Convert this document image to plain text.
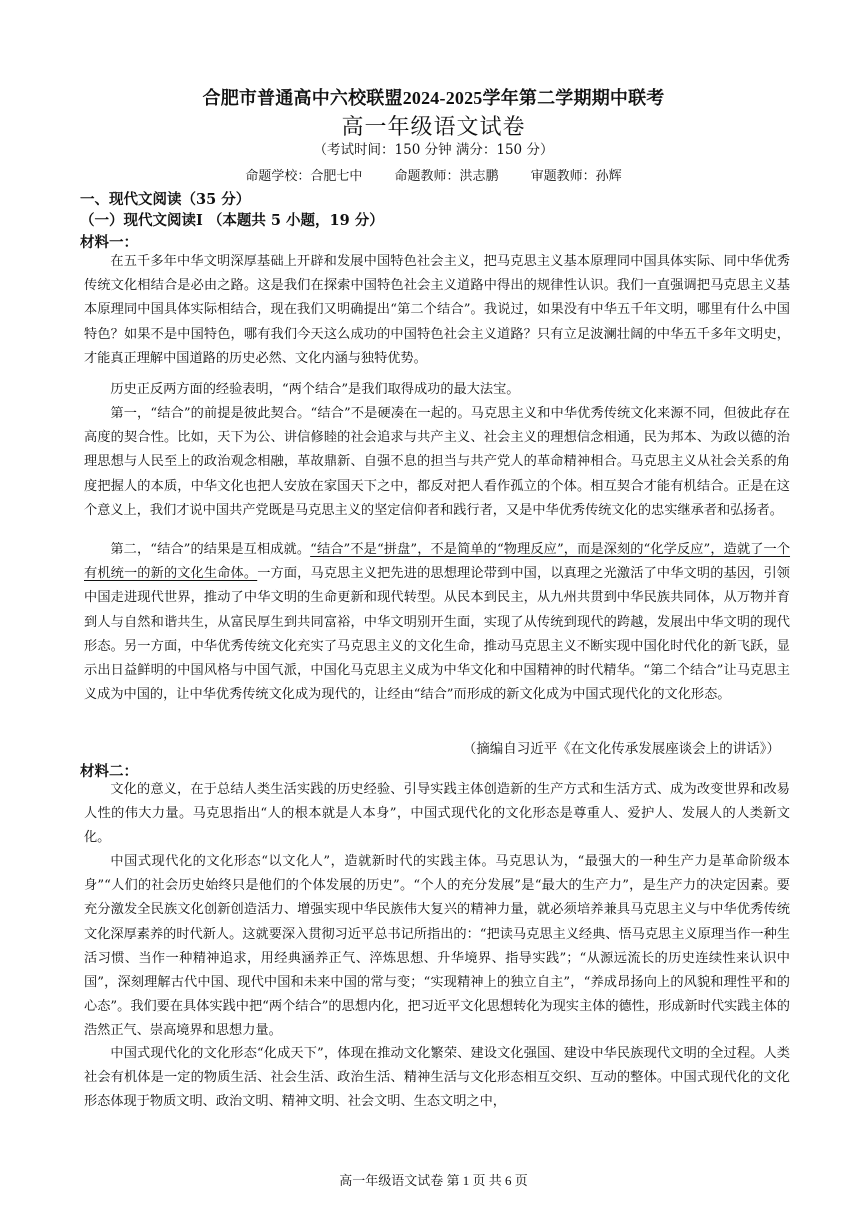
合肥市普通高中六校联盟2024-2025学年第二学期期中联考
高一年级语文试卷
（考试时间：150 分钟 满分：150 分）
命题学校：合肥七中 命题教师：洪志鹏 审题教师：孙辉
一、现代文阅读（35 分）
（一）现代文阅读Ⅰ （本题共 5 小题，19 分）
材料一：

在五千多年中华文明深厚基础上开辟和发展中国特色社会主义，把马克思主义基本原理同中国具体实际、同中华优秀传统文化相结合是必由之路。这是我们在探索中国特色社会主义道路中得出的规律性认识。我们一直强调把马克思主义基本原理同中国具体实际相结合，现在我们又明确提出“第二个结合”。我说过，如果没有中华五千年文明，哪里有什么中国特色？如果不是中国特色，哪有我们今天这么成功的中国特色社会主义道路？只有立足波澜壮阔的中华五千多年文明史，才能真正理解中国道路的历史必然、文化内涵与独特优势。

历史正反两方面的经验表明，“两个结合”是我们取得成功的最大法宝。

第一，“结合”的前提是彼此契合。“结合”不是硬凑在一起的。马克思主义和中华优秀传统文化来源不同，但彼此存在高度的契合性。比如，天下为公、讲信修睦的社会追求与共产主义、社会主义的理想信念相通，民为邦本、为政以德的治理思想与人民至上的政治观念相融，革故鼎新、自强不息的担当与共产党人的革命精神相合。马克思主义从社会关系的角度把握人的本质，中华文化也把人安放在家国天下之中，都反对把人看作孤立的个体。相互契合才能有机结合。正是在这个意义上，我们才说中国共产党既是马克思主义的坚定信仰者和践行者，又是中华优秀传统文化的忠实继承者和弘扬者。

第二，“结合”的结果是互相成就。“结合”不是“拼盘”，不是简单的“物理反应”，而是深刻的“化学反应”，造就了一个有机统一的新的文化生命体。一方面，马克思主义把先进的思想理论带到中国，以真理之光激活了中华文明的基因，引领中国走进现代世界，推动了中华文明的生命更新和现代转型。从民本到民主，从九州共贯到中华民族共同体，从万物并育到人与自然和谐共生，从富民厚生到共同富裕，中华文明别开生面，实现了从传统到现代的跨越，发展出中华文明的现代形态。另一方面，中华优秀传统文化充实了马克思主义的文化生命，推动马克思主义不断实现中国化时代化的新飞跃，显示出日益鲜明的中国风格与中国气派，中国化马克思主义成为中华文化和中国精神的时代精华。“第二个结合”让马克思主义成为中国的，让中华优秀传统文化成为现代的，让经由“结合”而形成的新文化成为中国式现代化的文化形态。

（摘编自习近平《在文化传承发展座谈会上的讲话》）
材料二：

文化的意义，在于总结人类生活实践的历史经验、引导实践主体创造新的生产方式和生活方式、成为改变世界和改易人性的伟大力量。马克思指出“人的根本就是人本身”，中国式现代化的文化形态是尊重人、爱护人、发展人的人类新文化。

中国式现代化的文化形态“以文化人”，造就新时代的实践主体。马克思认为，“最强大的一种生产力是革命阶级本身”“人们的社会历史始终只是他们的个体发展的历史”。“个人的充分发展”是“最大的生产力”，是生产力的决定因素。要充分激发全民族文化创新创造活力、增强实现中华民族伟大复兴的精神力量，就必须培养兼具马克思主义与中华优秀传统文化深厚素养的时代新人。这就要深入贯彻习近平总书记所指出的：“把读马克思主义经典、悟马克思主义原理当作一种生活习惯、当作一种精神追求，用经典涵养正气、淬炼思想、升华境界、指导实践”；“从源远流长的历史连续性来认识中国”，深刻理解古代中国、现代中国和未来中国的常与变；“实现精神上的独立自主”，“养成昂扬向上的风貌和理性平和的心态”。我们要在具体实践中把“两个结合”的思想内化，把习近平文化思想转化为现实主体的德性，形成新时代实践主体的浩然正气、崇高境界和思想力量。

中国式现代化的文化形态“化成天下”，体现在推动文化繁荣、建设文化强国、建设中华民族现代文明的全过程。人类社会有机体是一定的物质生活、社会生活、政治生活、精神生活与文化形态相互交织、互动的整体。中国式现代化的文化形态体现于物质文明、政治文明、精神文明、社会文明、生态文明之中，

高一年级语文试卷 第 1 页 共 6 页
